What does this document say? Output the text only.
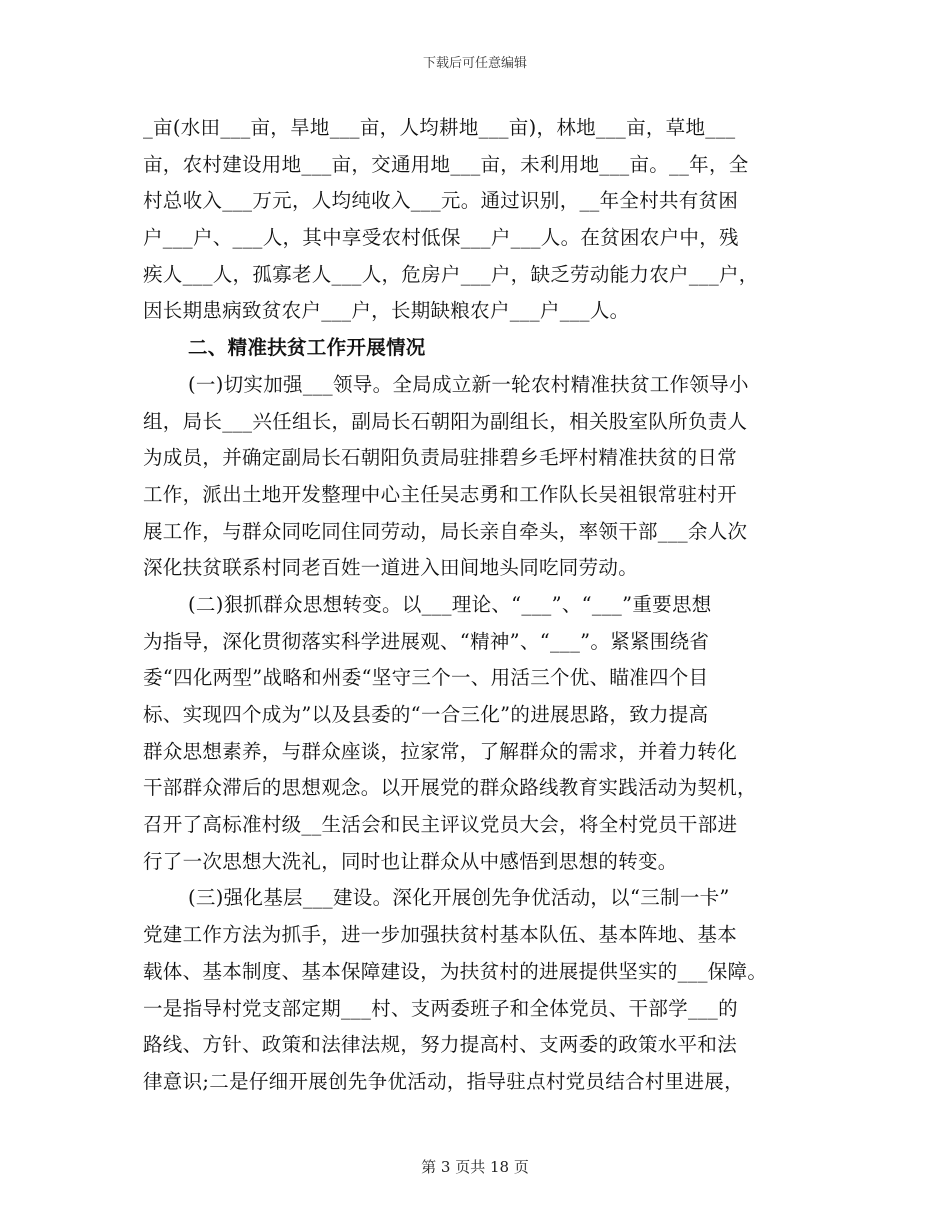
下载后可任意编辑
_亩(水田___亩，旱地___亩，人均耕地___亩)，林地___亩，草地___
亩，农村建设用地___亩，交通用地___亩，未利用地___亩。__年，全
村总收入___万元，人均纯收入___元。通过识别，__年全村共有贫困
户___户、___人，其中享受农村低保___户___人。在贫困农户中，残
疾人___人，孤寡老人___人，危房户___户，缺乏劳动能力农户___户，
因长期患病致贫农户___户，长期缺粮农户___户___人。
二、精准扶贫工作开展情况
(一)切实加强___领导。全局成立新一轮农村精准扶贫工作领导小
组，局长___兴任组长，副局长石朝阳为副组长，相关股室队所负责人
为成员，并确定副局长石朝阳负责局驻排碧乡毛坪村精准扶贫的日常
工作，派出土地开发整理中心主任吴志勇和工作队长吴祖银常驻村开
展工作，与群众同吃同住同劳动，局长亲自牵头，率领干部___余人次
深化扶贫联系村同老百姓一道进入田间地头同吃同劳动。
(二)狠抓群众思想转变。以___理论、“___”、“___”重要思想
为指导，深化贯彻落实科学进展观、“精神”、“___”。紧紧围绕省
委“四化两型”战略和州委“坚守三个一、用活三个优、瞄准四个目
标、实现四个成为”以及县委的“一合三化”的进展思路，致力提高
群众思想素养，与群众座谈，拉家常，了解群众的需求，并着力转化
干部群众滞后的思想观念。以开展党的群众路线教育实践活动为契机，
召开了高标准村级__生活会和民主评议党员大会，将全村党员干部进
行了一次思想大洗礼，同时也让群众从中感悟到思想的转变。
(三)强化基层___建设。深化开展创先争优活动，以“三制一卡”
党建工作方法为抓手，进一步加强扶贫村基本队伍、基本阵地、基本
载体、基本制度、基本保障建设，为扶贫村的进展提供坚实的___保障。
一是指导村党支部定期___村、支两委班子和全体党员、干部学___的
路线、方针、政策和法律法规，努力提高村、支两委的政策水平和法
律意识;二是仔细开展创先争优活动，指导驻点村党员结合村里进展，
第 3 页共 18 页
